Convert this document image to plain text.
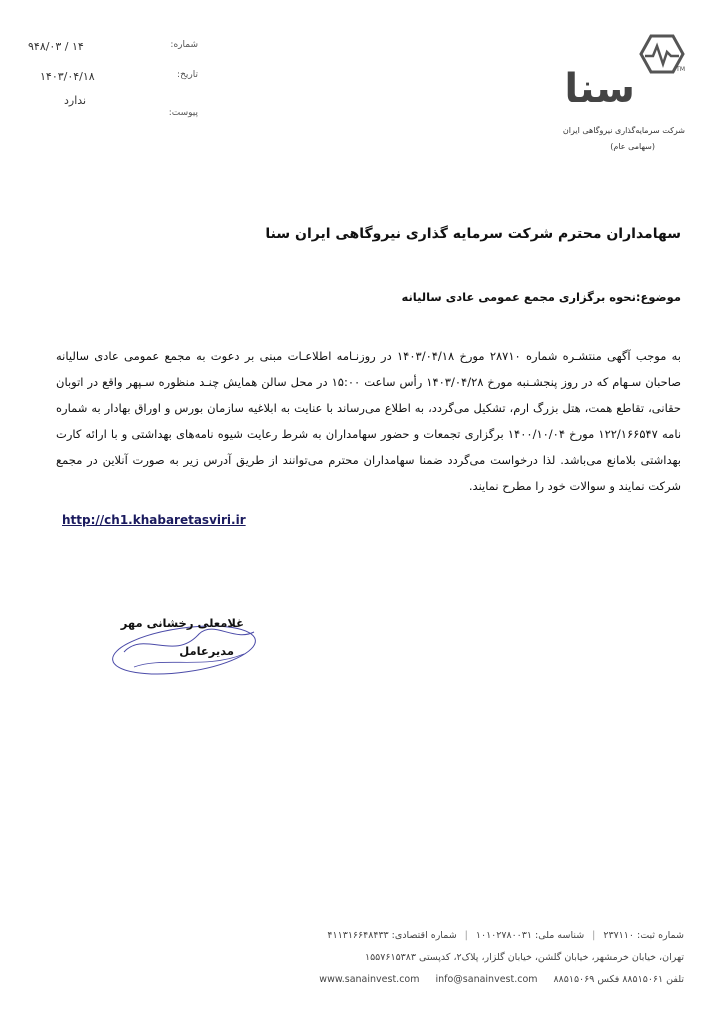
شماره:
۹۴۸/۰۳ / ۱۴
تاریخ:
۱۴۰۳/۰۴/۱۸
پیوست:
ندارد
TM
سنا
شرکت سرمایه‌گذاری نیروگاهی ایران
(سهامی عام)
سهامداران محترم شرکت سرمایه گذاری نیروگاهی ایران سنا
موضوع:نحوه برگزاری مجمع عمومی عادی سالیانه
به موجب آگهی منتشـره شماره ۲۸۷۱۰ مورخ ۱۴۰۳/۰۴/۱۸ در روزنـامه اطلاعـات مبنی بر دعوت به مجمع عمومی عادی سالیانه صاحبان سـهام که در روز پنجشـنبه مورخ ۱۴۰۳/۰۴/۲۸ رأس ساعت ۱۵:۰۰ در محل سالن همایش چنـد منظوره سـپهر واقع در اتوبان حقانی، تقاطع همت، هتل بزرگ ارم، تشکیل می‌گردد، به اطلاع می‌رساند با عنایت به ابلاغیه سازمان بورس و اوراق بهادار به شماره نامه ۱۲۲/۱۶۶۵۴۷ مورخ ۱۴۰۰/۱۰/۰۴ برگزاری تجمعات و حضور سهامداران به شرط رعایت شیوه نامه‌های بهداشتی و با ارائه کارت بهداشتی بلامانع می‌باشد. لذا درخواست می‌گردد ضمنا سهامداران محترم می‌توانند از طریق آدرس زیر به صورت آنلاین در مجمع شرکت نمایند و سوالات خود را مطرح نمایند.
http://ch1.khabaretasviri.ir
غلامعلی رخشانی مهر
مدیرعامل
شماره ثبت: ۲۳۷۱۱۰|شناسه ملی: ۱۰۱۰۲۷۸۰۰۳۱|شماره اقتصادی: ۴۱۱۳۱۶۶۴۸۴۳۳
تهران، خیابان خرمشهر، خیابان گلشن، خیابان گلزار، پلاک۲، کدپستی ۱۵۵۷۶۱۵۳۸۳
تلفن ۸۸۵۱۵۰۶۱ فکس ۸۸۵۱۵۰۶۹info@sanainvest.comwww.sanainvest.com
